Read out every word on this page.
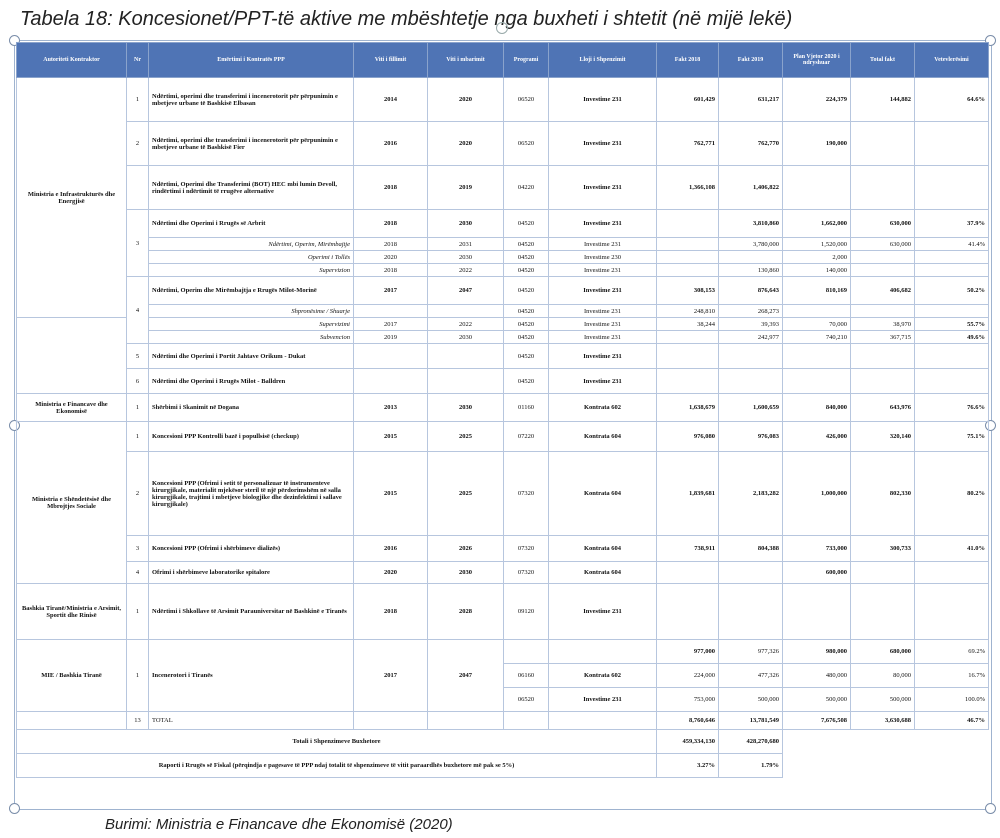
Tabela 18: Koncesionet/PPT-të aktive me mbështetje nga buxheti i shtetit (në mijë lekë)
Autoriteti Kontraktor	Nr	Emërtimi i Kontratës PPP	Viti i fillimit	Viti i mbarimit	Programi	Lloji i Shpenzimit	Fakt 2018	Fakt 2019	Plan Vjetor 2020 i ndryshuar	Total fakt	Vetevlerësimi
Ministria e Infrastrukturës dhe Energjisë	1	Ndërtimi, operimi dhe transferimi i incenerotorit për përpunimin e mbetjeve urbane të Bashkisë Elbasan	2014	2020	06520	Investime 231	601,429	631,217	224,379	144,882	64.6%
	2	Ndërtimi, operimi dhe transferimi i incenerotorit për përpunimin e mbetjeve urbane të Bashkisë Fier	2016	2020	06520	Investime 231	762,771	762,770	190,000		
		Ndërtimi, Operimi dhe Transferimi (BOT) HEC mbi lumin Devoll, rindërtimi i ndërtimit të rrugëve alternative	2018	2019	04220	Investime 231	1,366,108	1,406,822			
	3	Ndërtimi dhe Operimi i Rrugës së Arbrit	2018	2030	04520	Investime 231		3,810,860	1,662,000	630,000	37.9%
		Ndërtimi, Operim, Mirëmbajtje	2018	2031	04520	Investime 231		3,780,000	1,520,000	630,000	41.4%
		Operimi i Tollës	2020	2030	04520	Investime 230			2,000		
		Supervizion	2018	2022	04520	Investime 231		130,860	140,000		
	4	Ndërtimi, Operim dhe Mirëmbajtja e Rrugës Milot-Morinë	2017	2047	04520	Investime 231	308,153	876,643	810,169	406,682	50.2%
		Shpronësime / Shuarje			04520	Investime 231	248,810	268,273			
		Supervizimi	2017	2022	04520	Investime 231	38,244	39,393	70,000	38,970	55.7%
		Subvencion	2019	2030	04520	Investime 231		242,977	740,210	367,715	49.6%
	5	Ndërtimi dhe Operimi i Portit Jahtave Orikum - Dukat			04520	Investime 231					
	6	Ndërtimi dhe Operimi i Rrugës Milot - Balldren			04520	Investime 231					
Ministria e Financave dhe Ekonomisë	1	Shërbimi i Skanimit në Dogana	2013	2030	01160	Kontrata 602	1,638,679	1,600,659	840,000	643,976	76.6%
Ministria e Shëndetësisë dhe Mbrojtjes Sociale	1	Koncesioni PPP Kontrolli bazë i popullsisë (checkup)	2015	2025	07220	Kontrata 604	976,080	976,083	426,000	320,140	75.1%
	2	Koncesioni PPP (Ofrimi i setit të personalizuar të instrumenteve kirurgjikale, materialit mjekësor steril të një përdorimshëm në salla kirurgjikale, trajtimi i mbetjeve biologjike dhe dezinfektimi i sallave kirurgjikale)	2015	2025	07320	Kontrata 604	1,839,681	2,183,282	1,000,000	802,330	80.2%
	3	Koncesioni PPP (Ofrimi i shërbimeve dializës)	2016	2026	07320	Kontrata 604	738,911	804,388	733,000	300,733	41.0%
	4	Ofrimi i shërbimeve laboratorike spitalore	2020	2030	07320	Kontrata 604			600,000		
Bashkia Tiranë/Ministria e Arsimit, Sportit dhe Rinisë	1	Ndërtimi i Shkollave të Arsimit Parauniversitar në Bashkinë e Tiranës	2018	2028	09120	Investime 231					
MIE / Bashkia Tiranë	1	Incenerotori i Tiranës	2017	2047			977,000	977,326	980,000	680,000	69.2%
					06160	Kontrata 602	224,000	477,326	480,000	80,000	16.7%
					06520	Investime 231	753,000	500,000	500,000	500,000	100.0%
	13	TOTAL					8,760,646	13,781,549	7,676,508	3,630,688	46.7%
Totali i Shpenzimeve Buxhetore							459,334,130	428,270,680			
Raporti i Rrugës së Fiskal (përqindja e pagesave të PPP ndaj totalit të shpenzimeve të vitit paraardhës buxhetore më pak se 5%)							3.27%	1.79%			
Burimi: Ministria e Financave dhe Ekonomisë (2020)
